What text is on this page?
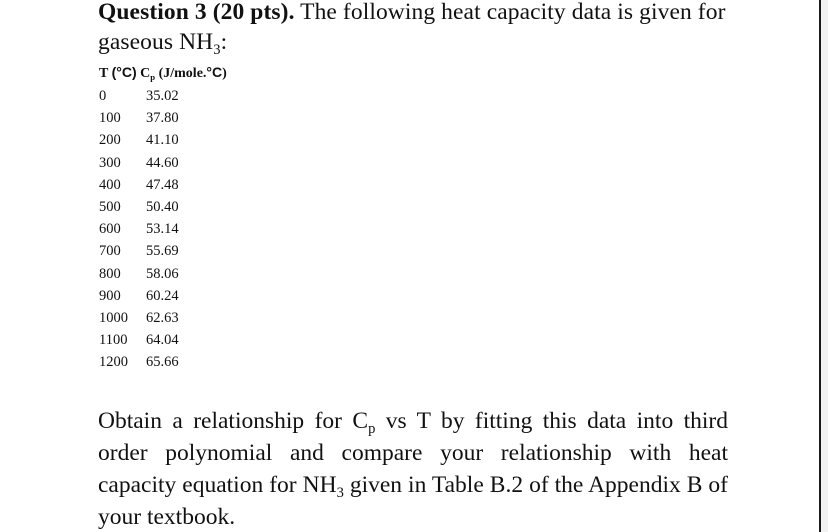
Question 3 (20 pts). The following heat capacity data is given for gaseous $NH_3$:
T (°C) $C_p$ (J/mole.°C)
0	35.02
100 37.80
200 41.10
300 44.60
400 47.48
500 50.40
600 53.14
700 55.69
800 58.06
900 60.24
1000 62.63
1100 64.04
1200 65.66
Obtain a relationship for $C_p$ vs T by fitting this data into third order polynomial and compare your relationship with heat capacity equation for $NH_3$ given in Table B.2 of the Appendix B of your textbook.
